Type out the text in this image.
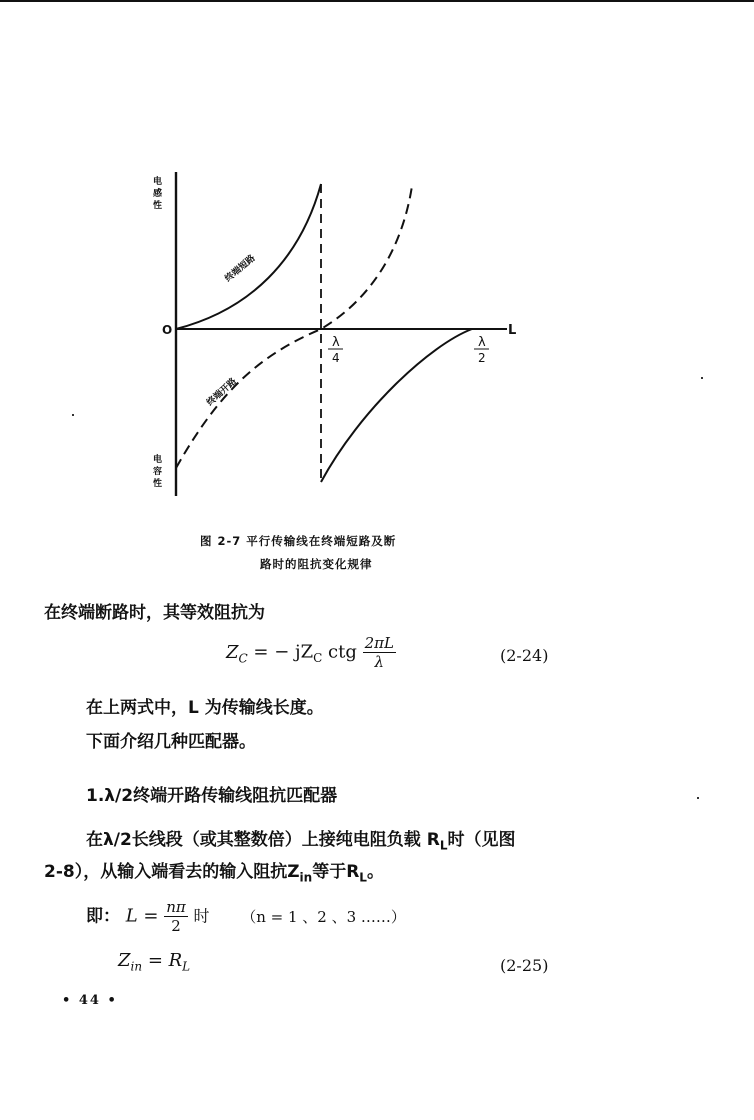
电感性
电容性
O	L
λ
4
λ
2
终端短路
终端开路
图 2-7 平行传输线在终端短路及断
路时的阻抗变化规律
在终端断路时，其等效阻抗为
$Z_C$ = − $jZ_C$ ctg $\frac{2\pi L}{\lambda}$	(2-24)
在上两式中，L 为传输线长度。
下面介绍几种匹配器。
1.λ/2终端开路传输线阻抗匹配器
在λ/2长线段（或其整数倍）上接纯电阻负载 $R_L$时（见图
2-8），从输入端看去的输入阻抗$Z_{in}$等于$R_L$。
即： $L = \frac{n\pi}{2}$ 时 （n = 1 、2 、3 ……）
$Z_{in} = R_L$	(2-25)
• 44 •
